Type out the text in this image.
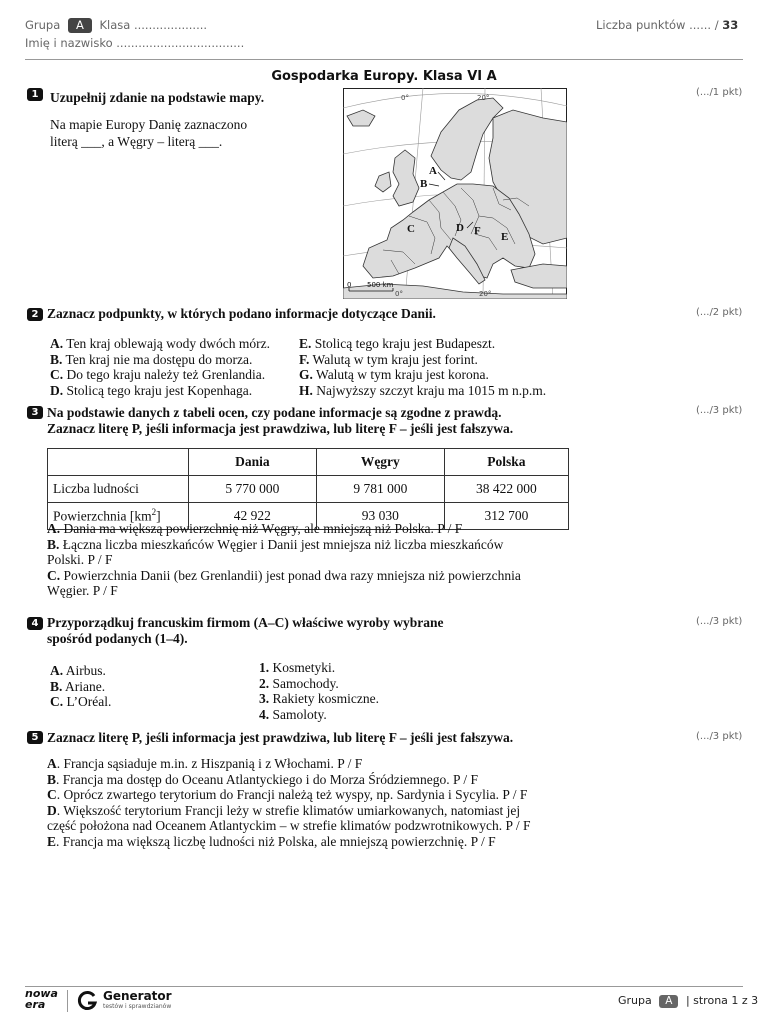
Grupa A Klasa ....................
Imię i nazwisko ...................................
Liczba punktów ...... / 33
Gospodarka Europy. Klasa VI A
1 Uzupełnij zdanie na podstawie mapy.	(.../1 pkt)
Na mapie Europy Danię zaznaczono
literą ___, a Węgry – literą ___.
A
B
C	D F E
0°	20°
0°	20°
0 500 km
2 Zaznacz podpunkty, w których podano informacje dotyczące Danii.	(.../2 pkt)
A. Ten kraj oblewają wody dwóch mórz.
B. Ten kraj nie ma dostępu do morza.
C. Do tego kraju należy też Grenlandia.
D. Stolicą tego kraju jest Kopenhaga.
E. Stolicą tego kraju jest Budapeszt.
F. Walutą w tym kraju jest forint.
G. Walutą w tym kraju jest korona.
H. Najwyższy szczyt kraju ma 1015 m n.p.m.
3 Na podstawie danych z tabeli ocen, czy podane informacje są zgodne z prawdą.
Zaznacz literę P, jeśli informacja jest prawdziwa, lub literę F – jeśli jest fałszywa.
(.../3 pkt)
	Dania	Węgry	Polska
Liczba ludności	5 770 000	9 781 000	38 422 000
Powierzchnia $[km^2]$	42 922	93 030	312 700
A. Dania ma większą powierzchnię niż Węgry, ale mniejszą niż Polska. P / F
B. Łączna liczba mieszkańców Węgier i Danii jest mniejsza niż liczba mieszkańców
Polski. P / F
C. Powierzchnia Danii (bez Grenlandii) jest ponad dwa razy mniejsza niż powierzchnia
Węgier. P / F
4 Przyporządkuj francuskim firmom (A–C) właściwe wyroby wybrane
spośród podanych (1–4).
(.../3 pkt)
A. Airbus.
B. Ariane.
C. L’Oréal.
1. Kosmetyki.
2. Samochody.
3. Rakiety kosmiczne.
4. Samoloty.
5 Zaznacz literę P, jeśli informacja jest prawdziwa, lub literę F – jeśli jest fałszywa.	(.../3 pkt)
A. Francja sąsiaduje m.in. z Hiszpanią i z Włochami. P / F
B. Francja ma dostęp do Oceanu Atlantyckiego i do Morza Śródziemnego. P / F
C. Oprócz zwartego terytorium do Francji należą też wyspy, np. Sardynia i Sycylia. P / F
D. Większość terytorium Francji leży w strefie klimatów umiarkowanych, natomiast jej
część położona nad Oceanem Atlantyckim – w strefie klimatów podzwrotnikowych. P / F
E. Francja ma większą liczbę ludności niż Polska, ale mniejszą powierzchnię. P / F
nowa
era
Generator
testów i sprawdzianów	Grupa A | strona 1 z 3
